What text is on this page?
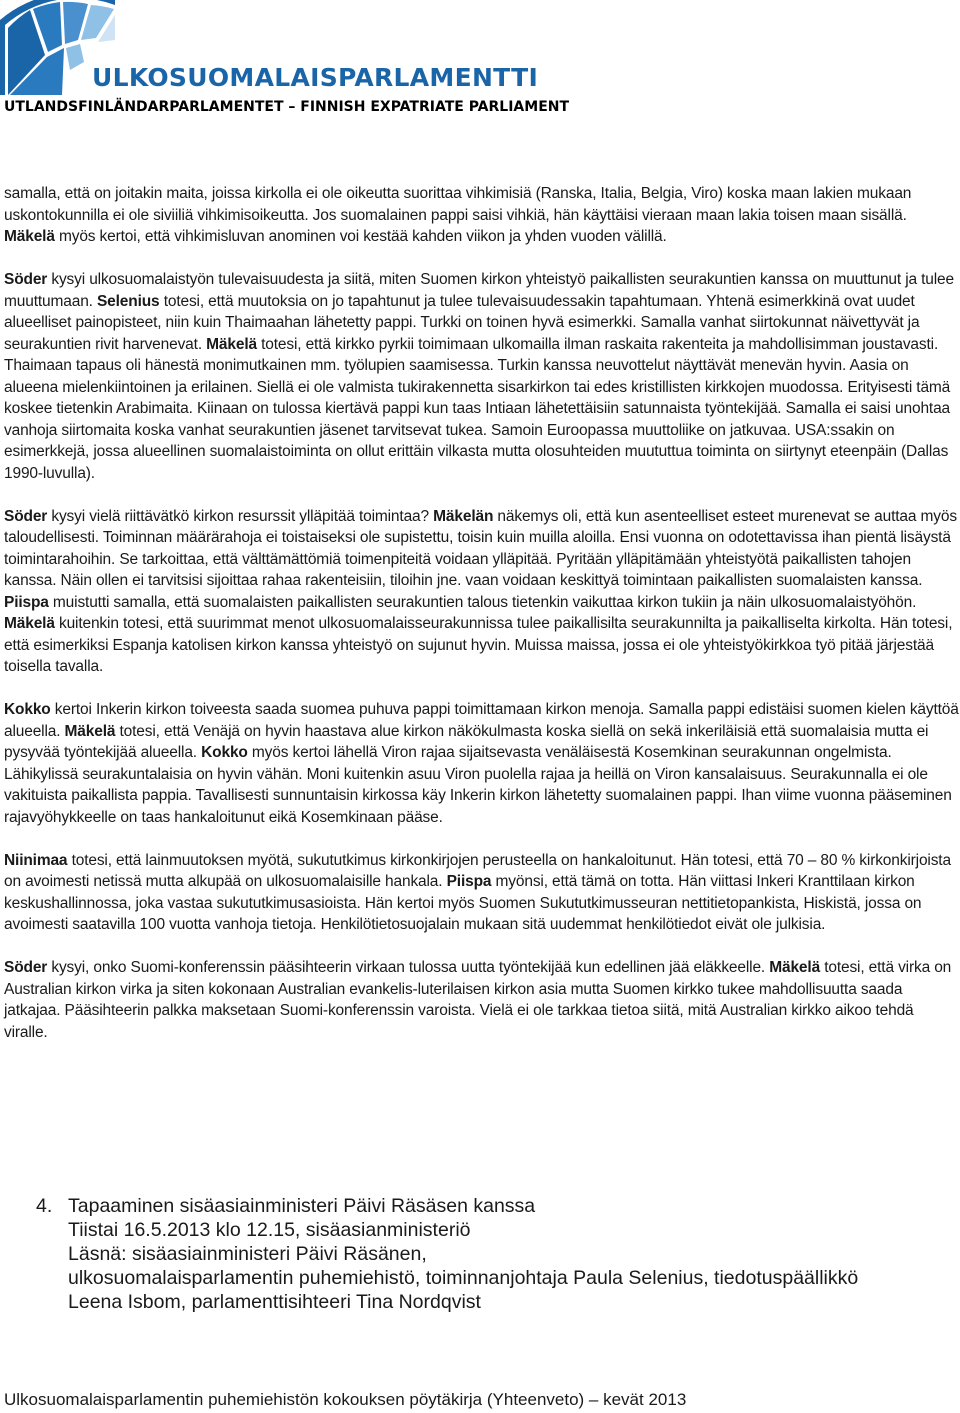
ULKOSUOMALAISPARLAMENTTI
UTLANDSFINLÄNDARPARLAMENTET – FINNISH EXPATRIATE PARLIAMENT

samalla, että on joitakin maita, joissa kirkolla ei ole oikeutta suorittaa vihkimisiä (Ranska, Italia, Belgia, Viro) koska maan lakien mukaan uskontokunnilla ei ole siviiliä vihkimisoikeutta. Jos suomalainen pappi saisi vihkiä, hän käyttäisi vieraan maan lakia toisen maan sisällä. Mäkelä myös kertoi, että vihkimisluvan anominen voi kestää kahden viikon ja yhden vuoden välillä.

Söder kysyi ulkosuomalaistyön tulevaisuudesta ja siitä, miten Suomen kirkon yhteistyö paikallisten seurakuntien kanssa on muuttunut ja tulee muuttumaan. Selenius totesi, että muutoksia on jo tapahtunut ja tulee tulevaisuudessakin tapahtumaan. Yhtenä esimerkkinä ovat uudet alueelliset painopisteet, niin kuin Thaimaahan lähetetty pappi. Turkki on toinen hyvä esimerkki. Samalla vanhat siirtokunnat näivettyvät ja seurakuntien rivit harvenevat. Mäkelä totesi, että kirkko pyrkii toimimaan ulkomailla ilman raskaita rakenteita ja mahdollisimman joustavasti. Thaimaan tapaus oli hänestä monimutkainen mm. työlupien saamisessa. Turkin kanssa neuvottelut näyttävät menevän hyvin. Aasia on alueena mielenkiintoinen ja erilainen. Siellä ei ole valmista tukirakennetta sisarkirkon tai edes kristillisten kirkkojen muodossa. Erityisesti tämä koskee tietenkin Arabimaita. Kiinaan on tulossa kiertävä pappi kun taas Intiaan lähetettäisiin satunnaista työntekijää. Samalla ei saisi unohtaa vanhoja siirtomaita koska vanhat seurakuntien jäsenet tarvitsevat tukea. Samoin Euroopassa muuttoliike on jatkuvaa. USA:ssakin on esimerkkejä, jossa alueellinen suomalaistoiminta on ollut erittäin vilkasta mutta olosuhteiden muututtua toiminta on siirtynyt eteenpäin (Dallas 1990-luvulla).

Söder kysyi vielä riittävätkö kirkon resurssit ylläpitää toimintaa? Mäkelän näkemys oli, että kun asenteelliset esteet murenevat se auttaa myös taloudellisesti. Toiminnan määrärahoja ei toistaiseksi ole supistettu, toisin kuin muilla aloilla. Ensi vuonna on odotettavissa ihan pientä lisäystä toimintarahoihin. Se tarkoittaa, että välttämättömiä toimenpiteitä voidaan ylläpitää. Pyritään ylläpitämään yhteistyötä paikallisten tahojen kanssa. Näin ollen ei tarvitsisi sijoittaa rahaa rakenteisiin, tiloihin jne. vaan voidaan keskittyä toimintaan paikallisten suomalaisten kanssa. Piispa muistutti samalla, että suomalaisten paikallisten seurakuntien talous tietenkin vaikuttaa kirkon tukiin ja näin ulkosuomalaistyöhön. Mäkelä kuitenkin totesi, että suurimmat menot ulkosuomalaisseurakunnissa tulee paikallisilta seurakunnilta ja paikalliselta kirkolta. Hän totesi, että esimerkiksi Espanja katolisen kirkon kanssa yhteistyö on sujunut hyvin. Muissa maissa, jossa ei ole yhteistyökirkkoa työ pitää järjestää toisella tavalla.

Kokko kertoi Inkerin kirkon toiveesta saada suomea puhuva pappi toimittamaan kirkon menoja. Samalla pappi edistäisi suomen kielen käyttöä alueella. Mäkelä totesi, että Venäjä on hyvin haastava alue kirkon näkökulmasta koska siellä on sekä inkeriläisiä että suomalaisia mutta ei pysyvää työntekijää alueella. Kokko myös kertoi lähellä Viron rajaa sijaitsevasta venäläisestä Kosemkinan seurakunnan ongelmista. Lähikylissä seurakuntalaisia on hyvin vähän. Moni kuitenkin asuu Viron puolella rajaa ja heillä on Viron kansalaisuus. Seurakunnalla ei ole vakituista paikallista pappia. Tavallisesti sunnuntaisin kirkossa käy Inkerin kirkon lähetetty suomalainen pappi. Ihan viime vuonna pääseminen rajavyöhykkeelle on taas hankaloitunut eikä Kosemkinaan pääse.

Niinimaa totesi, että lainmuutoksen myötä, sukututkimus kirkonkirjojen perusteella on hankaloitunut. Hän totesi, että 70 – 80 % kirkonkirjoista on avoimesti netissä mutta alkupää on ulkosuomalaisille hankala. Piispa myönsi, että tämä on totta. Hän viittasi Inkeri Kranttilaan kirkon keskushallinnossa, joka vastaa sukututkimusasioista. Hän kertoi myös Suomen Sukututkimusseuran nettitietopankista, Hiskistä, jossa on avoimesti saatavilla 100 vuotta vanhoja tietoja. Henkilötietosuojalain mukaan sitä uudemmat henkilötiedot eivät ole julkisia.

Söder kysyi, onko Suomi-konferenssin pääsihteerin virkaan tulossa uutta työntekijää kun edellinen jää eläkkeelle. Mäkelä totesi, että virka on Australian kirkon virka ja siten kokonaan Australian evankelis-luterilaisen kirkon asia mutta Suomen kirkko tukee mahdollisuutta saada jatkajaa. Pääsihteerin palkka maksetaan Suomi-konferenssin varoista. Vielä ei ole tarkkaa tietoa siitä, mitä Australian kirkko aikoo tehdä viralle.

4. Tapaaminen sisäasiainministeri Päivi Räsäsen kanssa
Tiistai 16.5.2013 klo 12.15, sisäasianministeriö
Läsnä: sisäasiainministeri Päivi Räsänen,
ulkosuomalaisparlamentin puhemiehistö, toiminnanjohtaja Paula Selenius, tiedotuspäällikkö
Leena Isbom, parlamenttisihteeri Tina Nordqvist

Ulkosuomalaisparlamentin puhemiehistön kokouksen pöytäkirja (Yhteenveto) – kevät 2013
